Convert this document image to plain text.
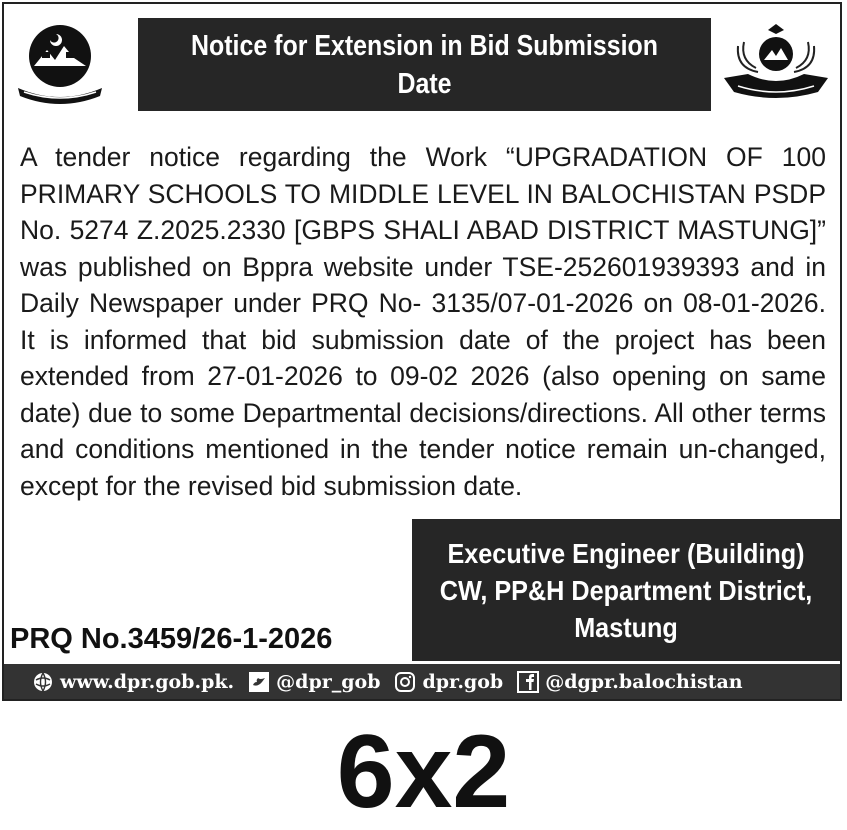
Notice for Extension in Bid Submission Date

A tender notice regarding the Work “UPGRADATION OF 100 PRIMARY SCHOOLS TO MIDDLE LEVEL IN BALOCHISTAN PSDP No. 5274 Z.2025.2330 [GBPS SHALI ABAD DISTRICT MASTUNG]” was published on Bppra website under TSE-252601939393 and in Daily Newspaper under PRQ No- 3135/07-01-2026 on 08-01-2026. It is informed that bid submission date of the project has been extended from 27-01-2026 to 09-02 2026 (also opening on same date) due to some Departmental decisions/directions. All other terms and conditions mentioned in the tender notice remain un-changed, except for the revised bid submission date.

Executive Engineer (Building)
CW, PP&H Department District,
Mastung
PRQ No.3459/26-1-2026
www.dpr.gob.pk. @dpr_gob dpr.gob @dgpr.balochistan
6x2
